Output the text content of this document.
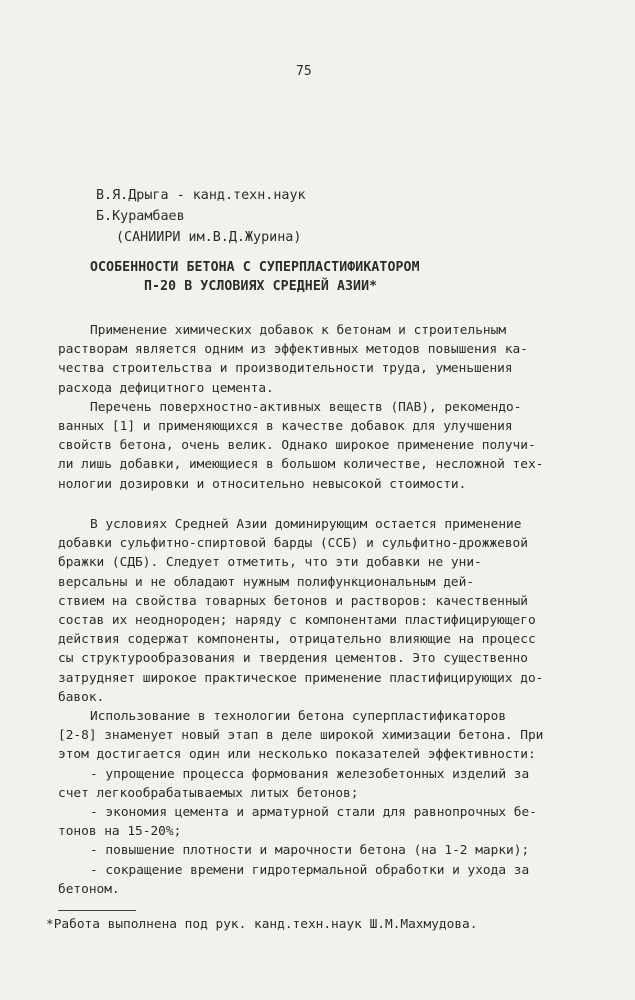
75
В.Я.Дрыга - канд.техн.наук
Б.Курамбаев
(САНИИРИ им.В.Д.Журина)
ОСОБЕННОСТИ БЕТОНА С СУПЕРПЛАСТИФИКАТОРОМ
П-20 В УСЛОВИЯХ СРЕДНЕЙ АЗИИ*
Применение химических добавок к бетонам и строительным
растворам является одним из эффективных методов повышения ка-
чества строительства и производительности труда, уменьшения
расхода дефицитного цемента.
Перечень поверхностно-активных веществ (ПАВ), рекомендо-
ванных [1] и применяющихся в качестве добавок для улучшения
свойств бетона, очень велик. Однако широкое применение получи-
ли лишь добавки, имеющиеся в большом количестве, несложной тех-
нологии дозировки и относительно невысокой стоимости.
В условиях Средней Азии доминирующим остается применение
добавки сульфитно-спиртовой барды (ССБ) и сульфитно-дрожжевой
бражки (СДБ). Следует отметить, что эти добавки не уни-
версальны и не обладают нужным полифункциональным дей-
ствием на свойства товарных бетонов и растворов: качественный
состав их неоднороден; наряду с компонентами пластифицирующего
действия содержат компоненты, отрицательно влияющие на процесс
сы структурообразования и твердения цементов. Это существенно
затрудняет широкое практическое применение пластифицирующих до-
бавок.
Использование в технологии бетона суперпластификаторов
[2-8] знаменует новый этап в деле широкой химизации бетона. При
этом достигается один или несколько показателей эффективности:
- упрощение процесса формования железобетонных изделий за
счет легкообрабатываемых литых бетонов;
- экономия цемента и арматурной стали для равнопрочных бе-
тонов на 15-20%;
- повышение плотности и марочности бетона (на 1-2 марки);
- сокращение времени гидротермальной обработки и ухода за
бетоном.
*Работа выполнена под рук. канд.техн.наук Ш.М.Махмудова.
